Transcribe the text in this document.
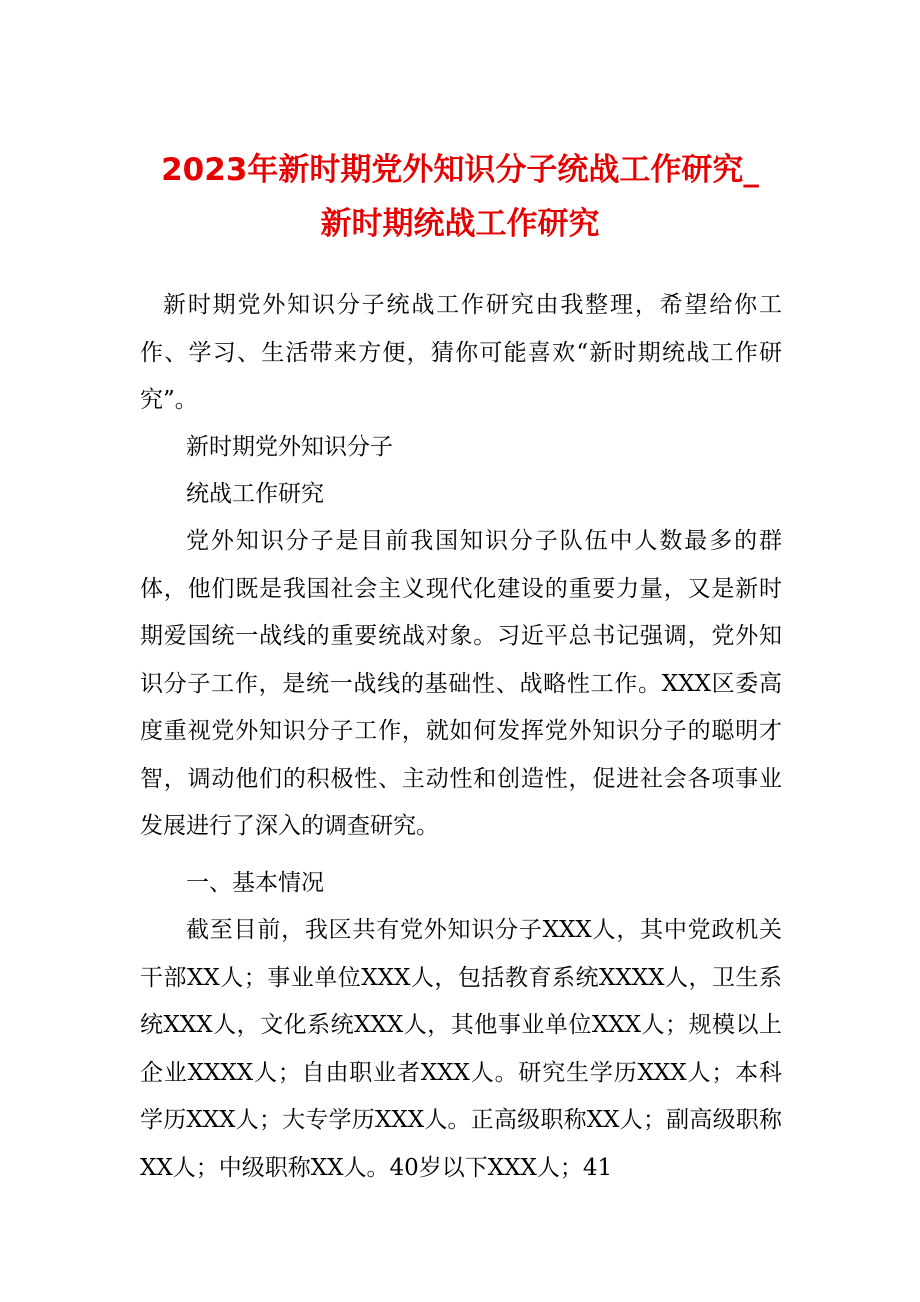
2023年新时期党外知识分子统战工作研究_
新时期统战工作研究
新时期党外知识分子统战工作研究由我整理，希望给你工作、学习、生活带来方便，猜你可能喜欢“新时期统战工作研究”。
新时期党外知识分子
统战工作研究
党外知识分子是目前我国知识分子队伍中人数最多的群体，他们既是我国社会主义现代化建设的重要力量，又是新时期爱国统一战线的重要统战对象。习近平总书记强调，党外知识分子工作，是统一战线的基础性、战略性工作。XXX区委高度重视党外知识分子工作，就如何发挥党外知识分子的聪明才智，调动他们的积极性、主动性和创造性，促进社会各项事业发展进行了深入的调查研究。
一、基本情况
截至目前，我区共有党外知识分子XXX人，其中党政机关干部XX人；事业单位XXX人，包括教育系统XXXX人，卫生系统XXX人，文化系统XXX人，其他事业单位XXX人；规模以上企业XXXX人；自由职业者XXX人。研究生学历XXX人；本科学历XXX人；大专学历XXX人。正高级职称XX人；副高级职称XX人；中级职称XX人。40岁以下XXX人；41
